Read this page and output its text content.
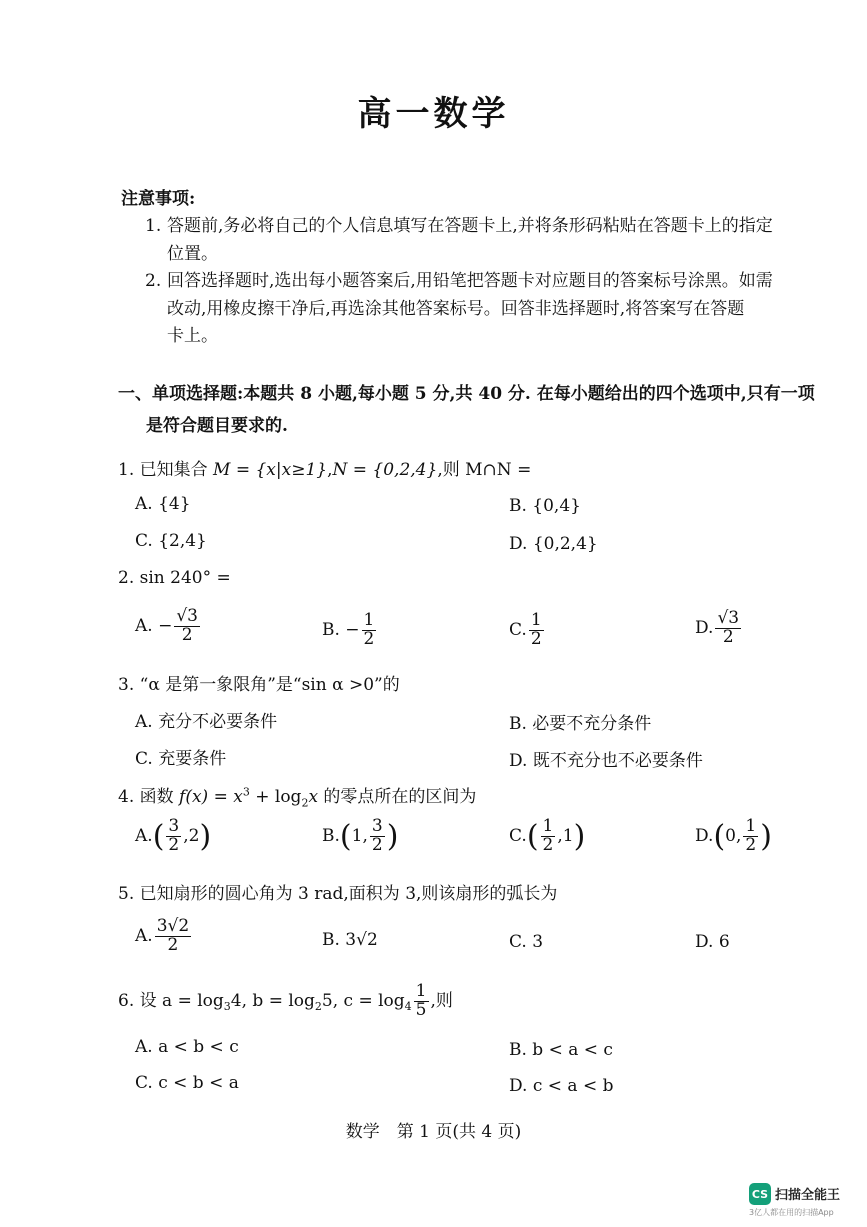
高一数学
注意事项:
1. 答题前,务必将自己的个人信息填写在答题卡上,并将条形码粘贴在答题卡上的指定
位置。
2. 回答选择题时,选出每小题答案后,用铅笔把答题卡对应题目的答案标号涂黑。如需
改动,用橡皮擦干净后,再选涂其他答案标号。回答非选择题时,将答案写在答题
卡上。
一、单项选择题:本题共 8 小题,每小题 5 分,共 40 分. 在每小题给出的四个选项中,只有一项
是符合题目要求的.
1. 已知集合 M = {x|x≥1},N = {0,2,4},则 M∩N =
A. {4}	B. {0,4}
C. {2,4}	D. {0,2,4}
2. sin 240° =
A. − $\frac{√3}{2}$	B. − $\frac{1}{2}$	C. $\frac{1}{2}$	D. $\frac{√3}{2}$
3. “α 是第一象限角”是“sin α >0”的
A. 充分不必要条件	B. 必要不充分条件
C. 充要条件	D. 既不充分也不必要条件
4. 函数 $f(x) = x^3 + \log_2x$ 的零点所在的区间为
$A.( \frac{3}{2} ,2)$	B.(1, $\frac{3}{2}$ )	$C.( \frac{1}{2} ,1)$	D.(0, $\frac{1}{2}$ )
5. 已知扇形的圆心角为 3 rad,面积为 3,则该扇形的弧长为
A. $\frac{3√2}{2}$	B. 3√2	C. 3	D. 6
6. 设 $a = \log_34$, $b = \log_25$, $c = \log_4 \frac{1}{5}$ ,则
A. a < b < c	B. b < a < c
C. c < b < a	D. c < a < b
数学　第 1 页(共 4 页)
CS 扫描全能王
3亿人都在用的扫描App
